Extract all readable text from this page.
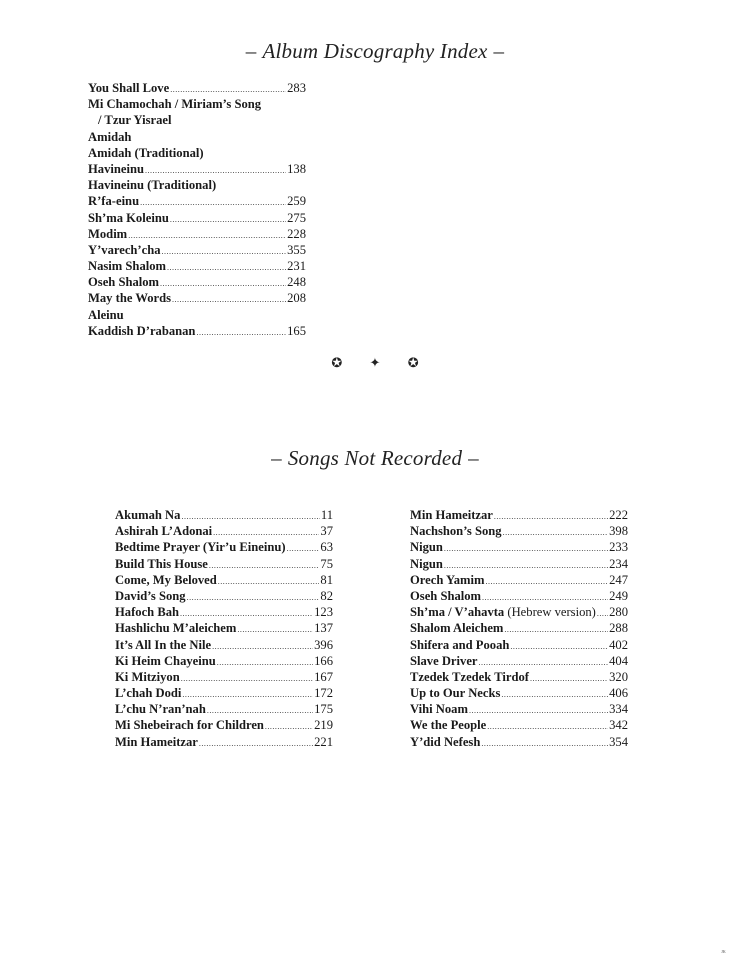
– Album Discography Index –
You Shall Love .....	283
Mi Chamochah / Miriam’s Song
/ Tzur Yisrael
Amidah
Amidah (Traditional)
Havineinu .....	138
Havineinu (Traditional)
R’fa-einu .....	259
Sh’ma Koleinu .....	275
Modim .....	228
Y’varech’cha .....	355
Nasim Shalom .....	231
Oseh Shalom .....	248
May the Words .....	208
Aleinu
Kaddish D’rabanan .....	165
✪ ✦ ✪
– Songs Not Recorded –
Akumah Na .....	11
Ashirah L’Adonai .....	37
Bedtime Prayer (Yir’u Eineinu) .....	63
Build This House .....	75
Come, My Beloved .....	81
David’s Song .....	82
Hafoch Bah .....	123
Hashlichu M’aleichem .....	137
It’s All In the Nile .....	396
Ki Heim Chayeinu .....	166
Ki Mitziyon .....	167
L’chah Dodi .....	172
L’chu N’ran’nah .....	175
Mi Shebeirach for Children .....	219
Min Hameitzar .....	221
Min Hameitzar .....	222
Nachshon’s Song .....	398
Nigun .....	233
Nigun .....	234
Orech Yamim .....	247
Oseh Shalom .....	249
Sh’ma / V’ahavta (Hebrew version) ..... 280
Shalom Aleichem .....	288
Shifera and Pooah .....	402
Slave Driver .....	404
Tzedek Tzedek Tirdof .....	320
Up to Our Necks .....	406
Vihi Noam .....	334
We the People .....	342
Y’did Nefesh .....	354
ᴶᴷ
